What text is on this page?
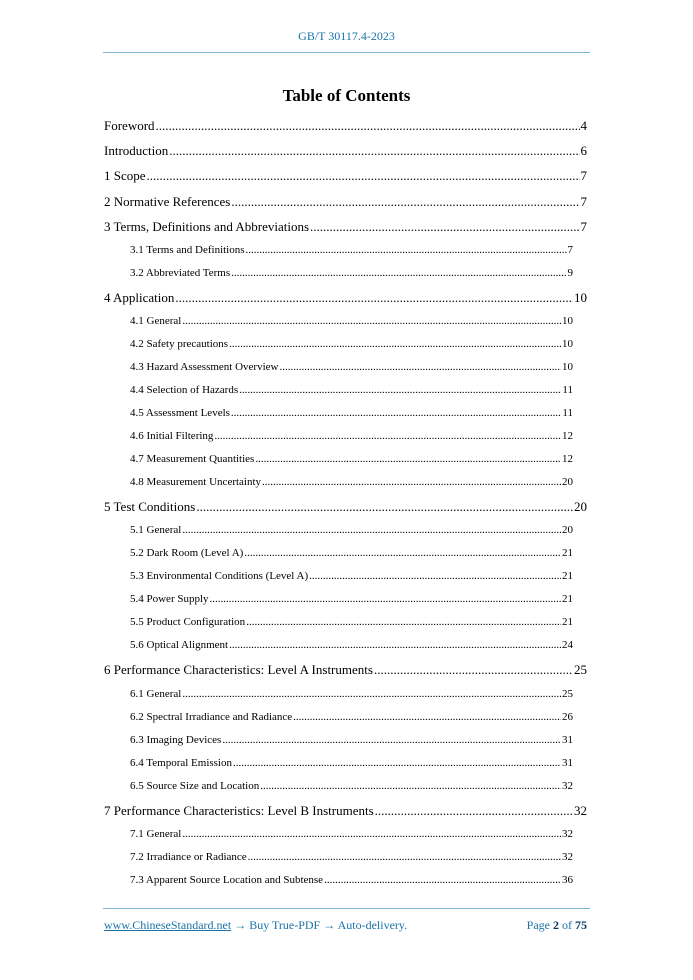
GB/T 30117.4-2023
Table of Contents
Foreword .....	4
Introduction .....	6
1 Scope .....	7
2 Normative References .....	7
3 Terms, Definitions and Abbreviations .....	7
3.1 Terms and Definitions .....	7
3.2 Abbreviated Terms .....	9
4 Application .....	10
4.1 General .....	10
4.2 Safety precautions .....	10
4.3 Hazard Assessment Overview .....	10
4.4 Selection of Hazards .....	11
4.5 Assessment Levels .....	11
4.6 Initial Filtering .....	12
4.7 Measurement Quantities .....	12
4.8 Measurement Uncertainty .....	20
5 Test Conditions .....	20
5.1 General .....	20
5.2 Dark Room (Level A) .....	21
5.3 Environmental Conditions (Level A) .....	21
5.4 Power Supply .....	21
5.5 Product Configuration .....	21
5.6 Optical Alignment .....	24
6 Performance Characteristics: Level A Instruments .....	25
6.1 General .....	25
6.2 Spectral Irradiance and Radiance .....	26
6.3 Imaging Devices .....	31
6.4 Temporal Emission .....	31
6.5 Source Size and Location .....	32
7 Performance Characteristics: Level B Instruments .....	32
7.1 General .....	32
7.2 Irradiance or Radiance .....	32
7.3 Apparent Source Location and Subtense .....	36
www.ChineseStandard.net → Buy True-PDF → Auto-delivery.	Page 2 of 75
